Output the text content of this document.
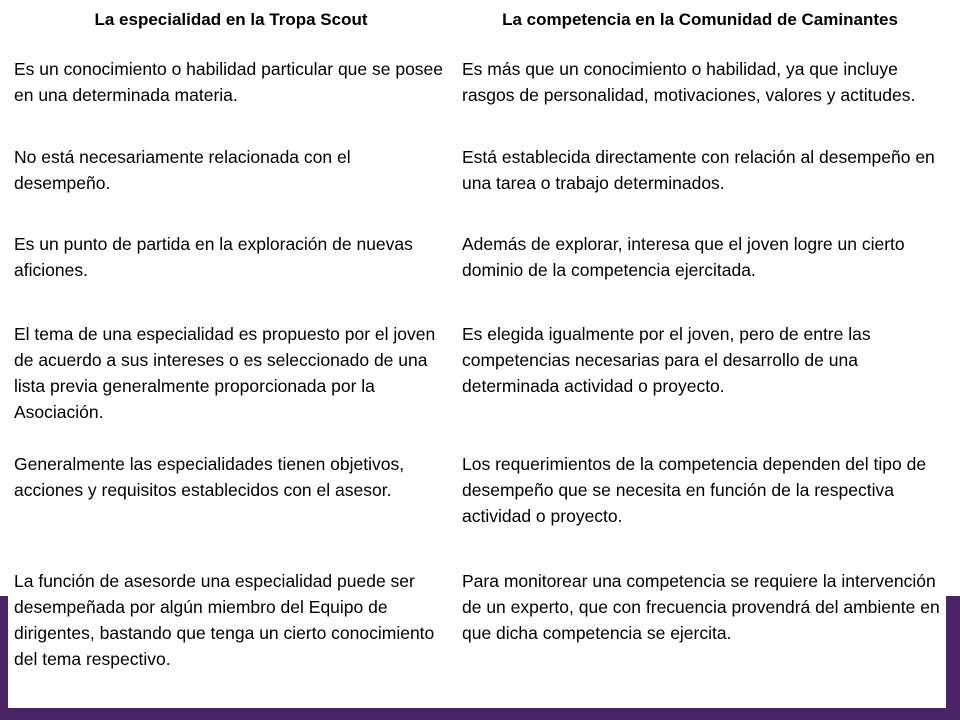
La especialidad en la Tropa Scout	La competencia en la Comunidad de Caminantes
Es un conocimiento o habilidad particular que se posee en una determinada materia.	Es más que un conocimiento o habilidad, ya que incluye rasgos de personalidad, motivaciones, valores y actitudes.
No está necesariamente relacionada con el desempeño.	Está establecida directamente con relación al desempeño en una tarea o trabajo determinados.
Es un punto de partida en la exploración de nuevas aficiones.	Además de explorar, interesa que el joven logre un cierto dominio de la competencia ejercitada.
El tema de una especialidad es propuesto por el joven de acuerdo a sus intereses o es seleccionado de una lista previa generalmente proporcionada por la Asociación.	Es elegida igualmente por el joven, pero de entre las competencias necesarias para el desarrollo de una determinada actividad o proyecto.
Generalmente las especialidades tienen objetivos, acciones y requisitos establecidos con el asesor.	Los requerimientos de la competencia dependen del tipo de desempeño que se necesita en función de la respectiva actividad o proyecto.
La función de asesorde una especialidad puede ser desempeñada por algún miembro del Equipo de dirigentes, bastando que tenga un cierto conocimiento del tema respectivo.	Para monitorear una competencia se requiere la intervención de un experto, que con frecuencia provendrá del ambiente en que dicha competencia se ejercita.
